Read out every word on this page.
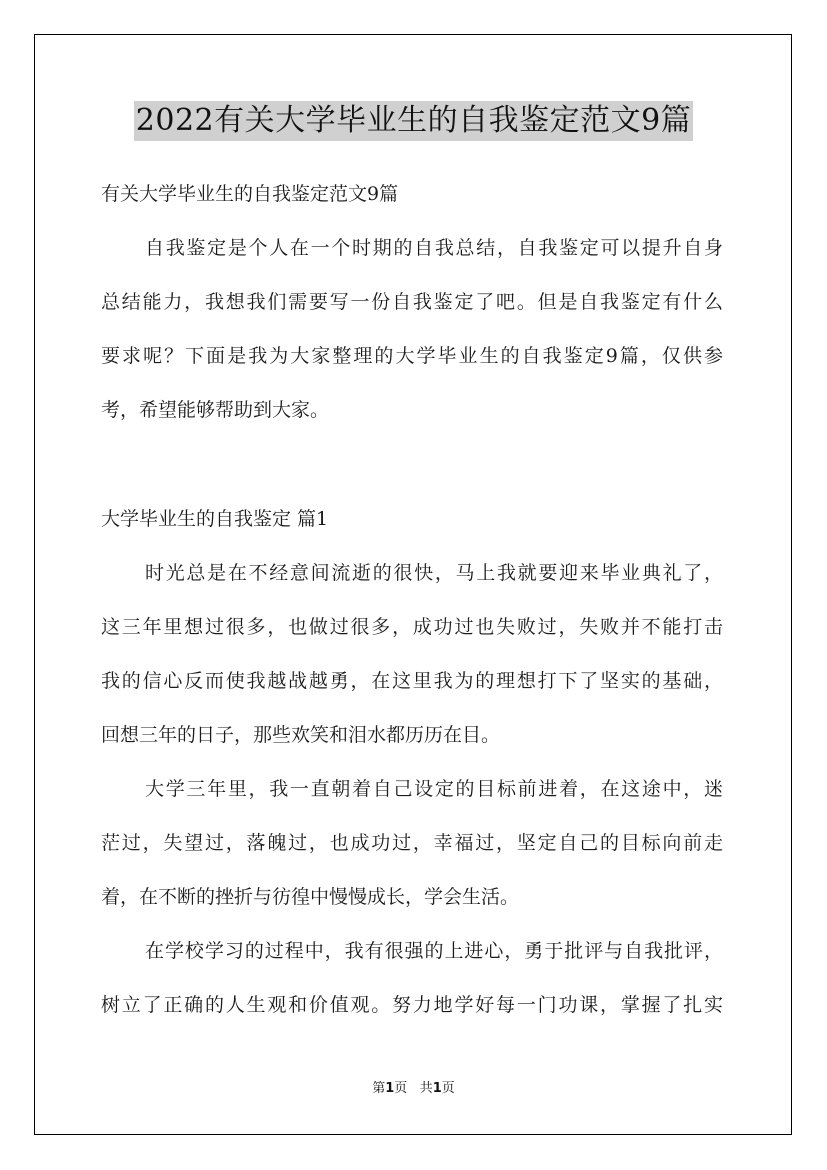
2022有关大学毕业生的自我鉴定范文9篇
有关大学毕业生的自我鉴定范文9篇
自我鉴定是个人在一个时期的自我总结，自我鉴定可以提升自身
总结能力，我想我们需要写一份自我鉴定了吧。但是自我鉴定有什么
要求呢？下面是我为大家整理的大学毕业生的自我鉴定9篇，仅供参
考，希望能够帮助到大家。
大学毕业生的自我鉴定 篇1
时光总是在不经意间流逝的很快，马上我就要迎来毕业典礼了，
这三年里想过很多，也做过很多，成功过也失败过，失败并不能打击
我的信心反而使我越战越勇，在这里我为的理想打下了坚实的基础，
回想三年的日子，那些欢笑和泪水都历历在目。
大学三年里，我一直朝着自己设定的目标前进着，在这途中，迷
茫过，失望过，落魄过，也成功过，幸福过，坚定自己的目标向前走
着，在不断的挫折与彷徨中慢慢成长，学会生活。
在学校学习的过程中，我有很强的上进心，勇于批评与自我批评，
树立了正确的人生观和价值观。努力地学好每一门功课，掌握了扎实
第1页 共1页
